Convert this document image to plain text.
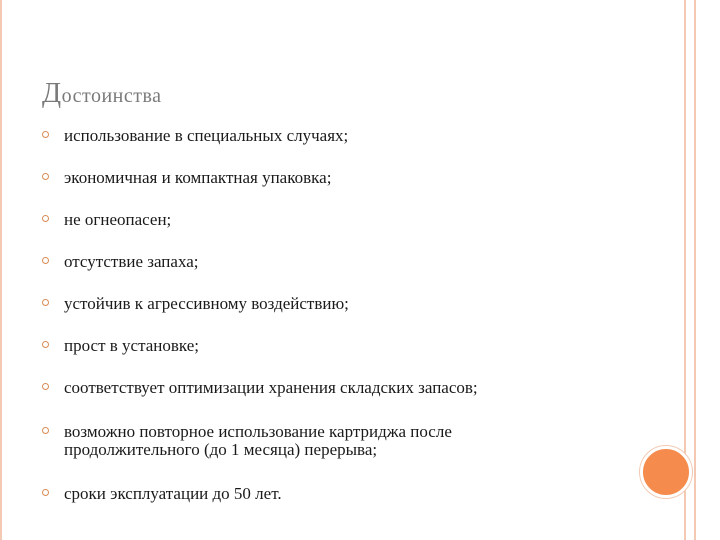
Достоинства
использование в специальных случаях;
экономичная и компактная упаковка;
не огнеопасен;
отсутствие запаха;
устойчив к агрессивному воздействию;
прост в установке;
соответствует оптимизации хранения складских запасов;
возможно повторное использование картриджа после продолжительного (до 1 месяца) перерыва;
сроки эксплуатации до 50 лет.
